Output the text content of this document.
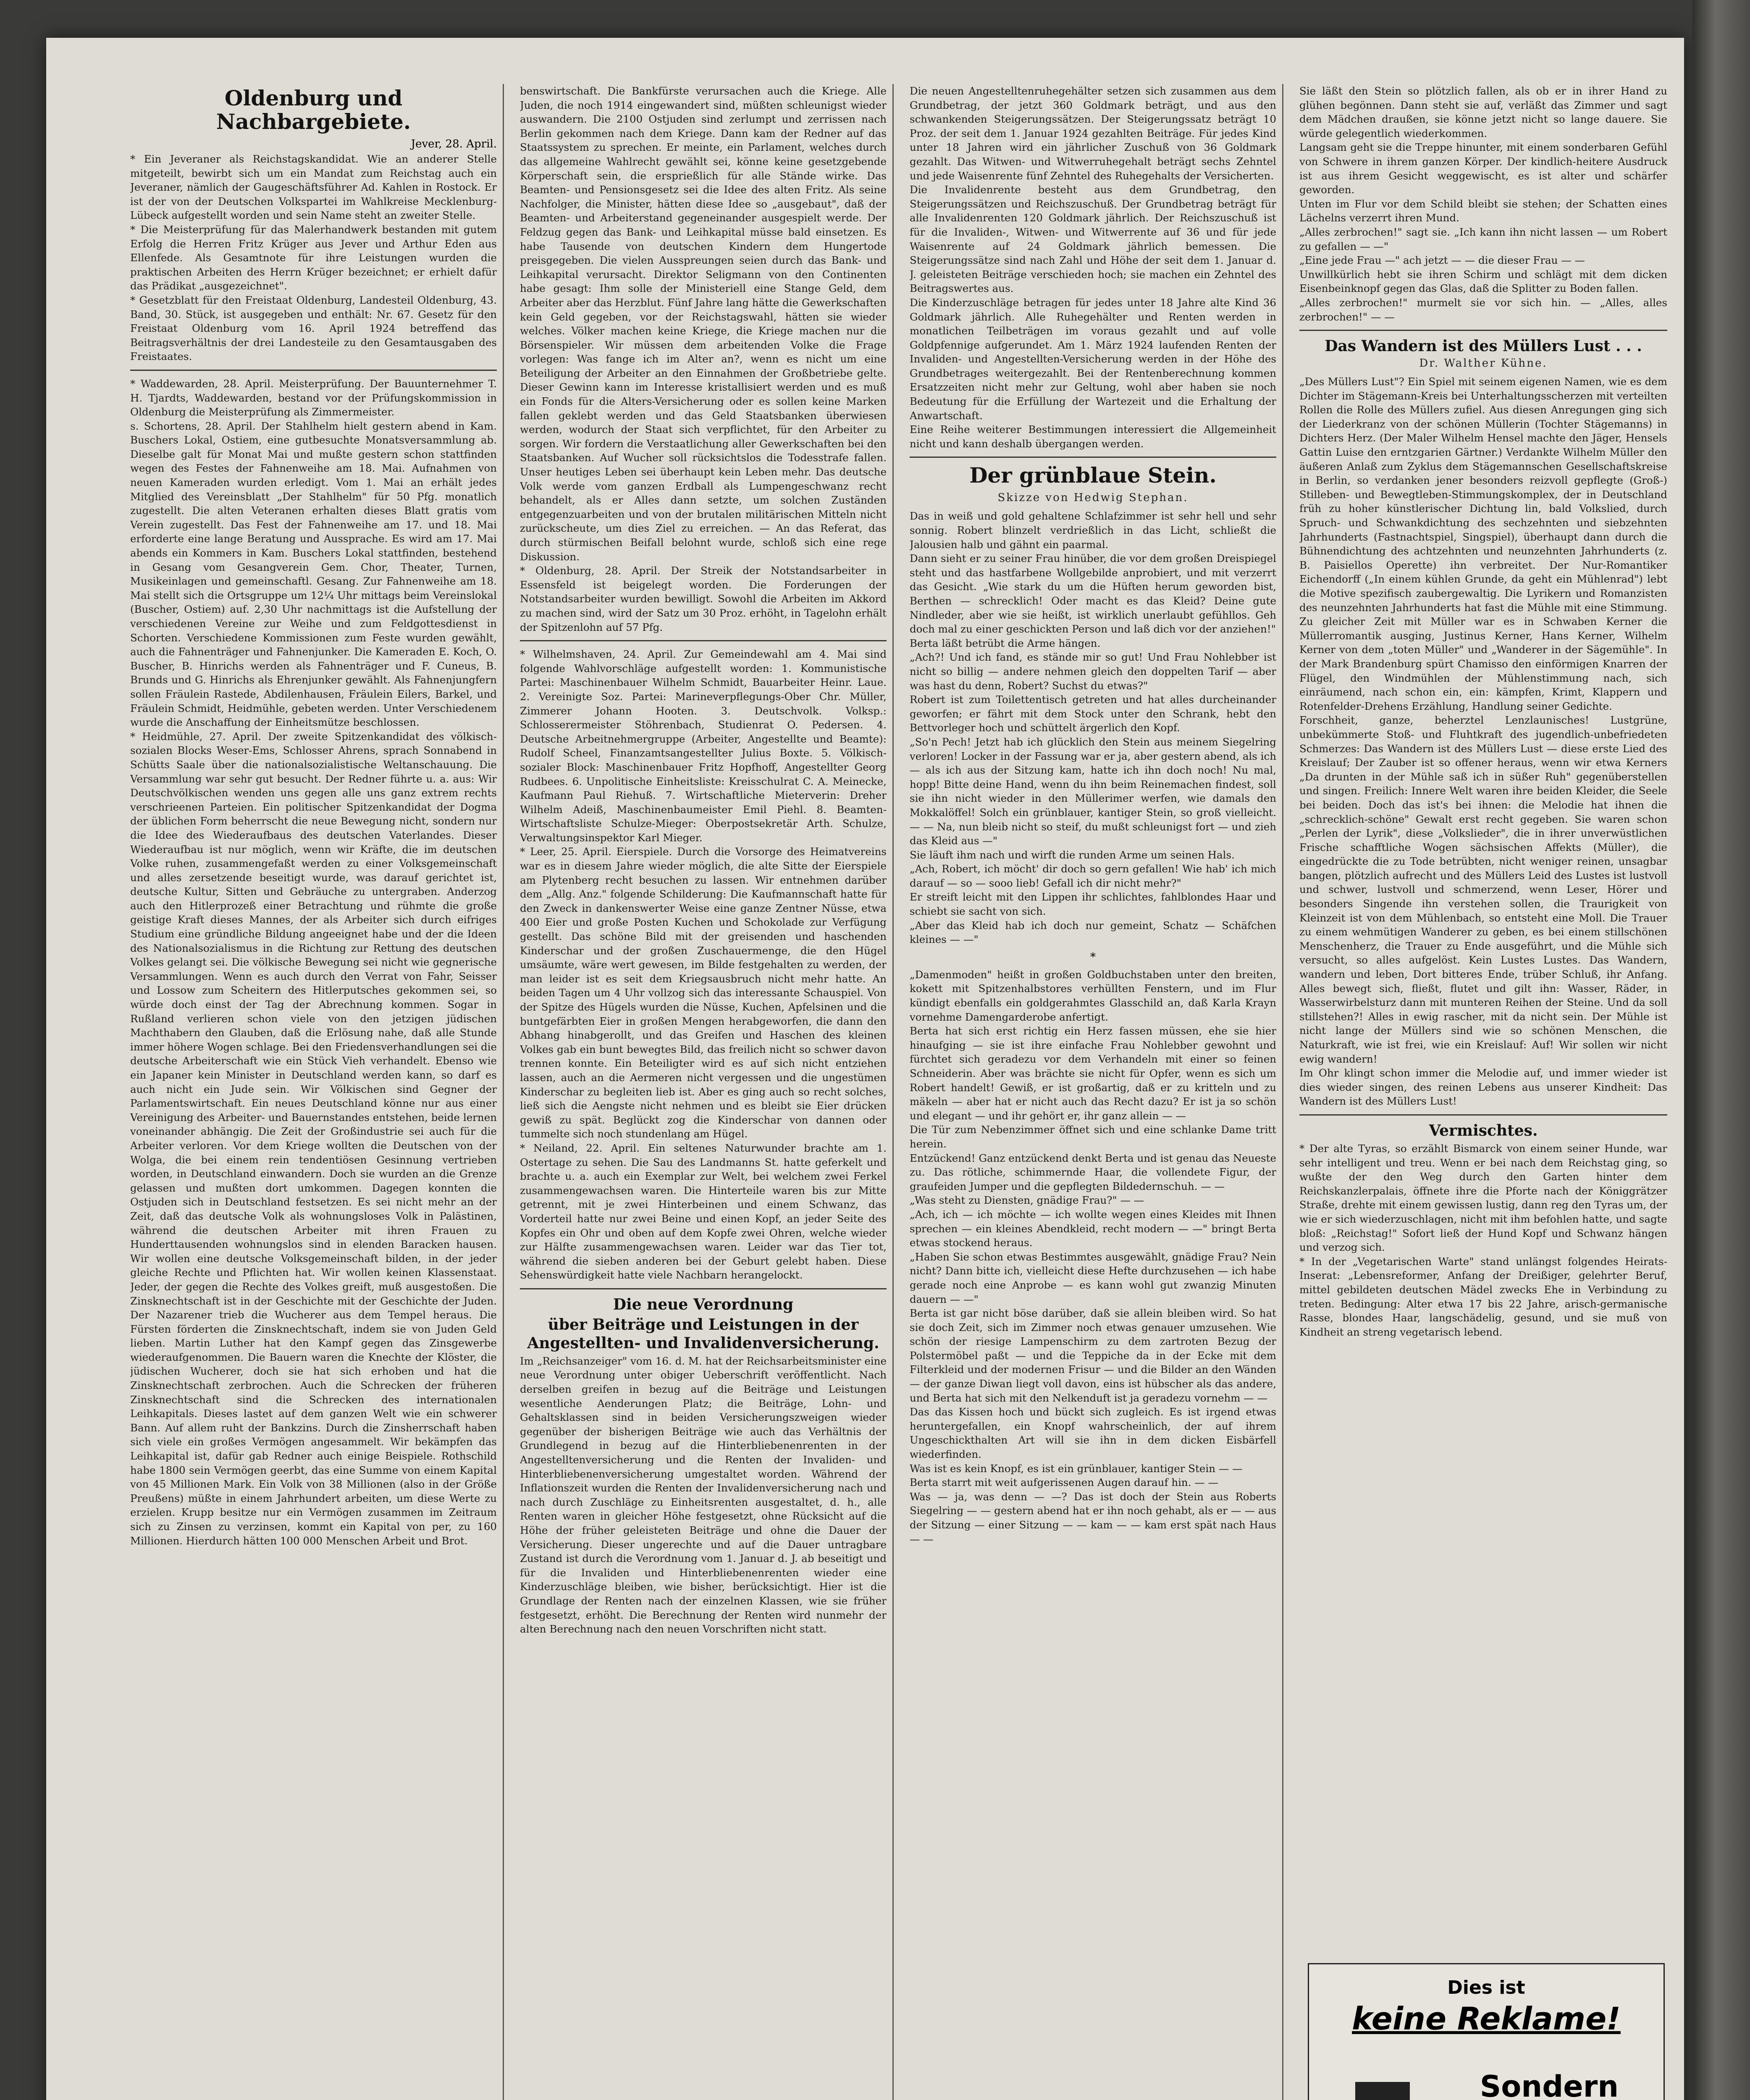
Oldenburg und Nachbargebiete.
Jever, 28. April.

* Ein Jeveraner als Reichstagskandidat. Wie an anderer Stelle mitgeteilt, bewirbt sich um ein Mandat zum Reichstag auch ein Jeveraner, nämlich der Gaugeschäftsführer Ad. Kahlen in Rostock. Er ist der von der Deutschen Volkspartei im Wahlkreise Mecklenburg-Lübeck aufgestellt worden und sein Name steht an zweiter Stelle.

* Die Meisterprüfung für das Malerhandwerk bestanden mit gutem Erfolg die Herren Fritz Krüger aus Jever und Arthur Eden aus Ellenfede. Als Gesamtnote für ihre Leistungen wurden die praktischen Arbeiten des Herrn Krüger bezeichnet; er erhielt dafür das Prädikat „ausgezeichnet".

* Gesetzblatt für den Freistaat Oldenburg, Landesteil Oldenburg, 43. Band, 30. Stück, ist ausgegeben und enthält: Nr. 67. Gesetz für den Freistaat Oldenburg vom 16. April 1924 betreffend das Beitragsverhältnis der drei Landesteile zu den Gesamtausgaben des Freistaates.

* Waddewarden, 28. April. Meisterprüfung. Der Bauunternehmer T. H. Tjardts, Waddewarden, bestand vor der Prüfungskommission in Oldenburg die Meisterprüfung als Zimmermeister.

s. Schortens, 28. April. Der Stahlhelm hielt gestern abend in Kam. Buschers Lokal, Ostiem, eine gutbesuchte Monatsversammlung ab. Dieselbe galt für Monat Mai und mußte gestern schon stattfinden wegen des Festes der Fahnenweihe am 18. Mai. Aufnahmen von neuen Kameraden wurden erledigt. Vom 1. Mai an erhält jedes Mitglied des Vereinsblatt „Der Stahlhelm" für 50 Pfg. monatlich zugestellt. Die alten Veteranen erhalten dieses Blatt gratis vom Verein zugestellt. Das Fest der Fahnenweihe am 17. und 18. Mai erforderte eine lange Beratung und Aussprache. Es wird am 17. Mai abends ein Kommers in Kam. Buschers Lokal stattfinden, bestehend in Gesang vom Gesangverein Gem. Chor, Theater, Turnen, Musikeinlagen und gemeinschaftl. Gesang. Zur Fahnenweihe am 18. Mai stellt sich die Ortsgruppe um 12¼ Uhr mittags beim Vereinslokal (Buscher, Ostiem) auf. 2,30 Uhr nachmittags ist die Aufstellung der verschiedenen Vereine zur Weihe und zum Feldgottesdienst in Schorten. Verschiedene Kommissionen zum Feste wurden gewählt, auch die Fahnenträger und Fahnenjunker. Die Kameraden E. Koch, O. Buscher, B. Hinrichs werden als Fahnenträger und F. Cuneus, B. Brunds und G. Hinrichs als Ehrenjunker gewählt. Als Fahnenjungfern sollen Fräulein Rastede, Abdilenhausen, Fräulein Eilers, Barkel, und Fräulein Schmidt, Heidmühle, gebeten werden. Unter Verschiedenem wurde die Anschaffung der Einheitsmütze beschlossen.

* Heidmühle, 27. April. Der zweite Spitzenkandidat des völkisch-sozialen Blocks Weser-Ems, Schlosser Ahrens, sprach Sonnabend in Schütts Saale über die nationalsozialistische Weltanschauung. Die Versammlung war sehr gut besucht. Der Redner führte u. a. aus: Wir Deutschvölkischen wenden uns gegen alle uns ganz extrem rechts verschrieenen Parteien. Ein politischer Spitzenkandidat der Dogma der üblichen Form beherrscht die neue Bewegung nicht, sondern nur die Idee des Wiederaufbaus des deutschen Vaterlandes. Dieser Wiederaufbau ist nur möglich, wenn wir Kräfte, die im deutschen Volke ruhen, zusammengefaßt werden zu einer Volksgemeinschaft und alles zersetzende beseitigt wurde, was darauf gerichtet ist, deutsche Kultur, Sitten und Gebräuche zu untergraben. Anderzog auch den Hitlerprozeß einer Betrachtung und rühmte die große geistige Kraft dieses Mannes, der als Arbeiter sich durch eifriges Studium eine gründliche Bildung angeeignet habe und der die Ideen des Nationalsozialismus in die Richtung zur Rettung des deutschen Volkes gelangt sei. Die völkische Bewegung sei nicht wie gegnerische Versammlungen. Wenn es auch durch den Verrat von Fahr, Seisser und Lossow zum Scheitern des Hitlerputsches gekommen sei, so würde doch einst der Tag der Abrechnung kommen. Sogar in Rußland verlieren schon viele von den jetzigen jüdischen Machthabern den Glauben, daß die Erlösung nahe, daß alle Stunde immer höhere Wogen schlage. Bei den Friedensverhandlungen sei die deutsche Arbeiterschaft wie ein Stück Vieh verhandelt. Ebenso wie ein Japaner kein Minister in Deutschland werden kann, so darf es auch nicht ein Jude sein. Wir Völkischen sind Gegner der Parlamentswirtschaft. Ein neues Deutschland könne nur aus einer Vereinigung des Arbeiter- und Bauernstandes entstehen, beide lernen voneinander abhängig. Die Zeit der Großindustrie sei auch für die Arbeiter verloren. Vor dem Kriege wollten die Deutschen von der Wolga, die bei einem rein tendentiösen Gesinnung vertrieben worden, in Deutschland einwandern. Doch sie wurden an die Grenze gelassen und mußten dort umkommen. Dagegen konnten die Ostjuden sich in Deutschland festsetzen. Es sei nicht mehr an der Zeit, daß das deutsche Volk als wohnungsloses Volk in Palästinen, während die deutschen Arbeiter mit ihren Frauen zu Hunderttausenden wohnungslos sind in elenden Baracken hausen. Wir wollen eine deutsche Volksgemeinschaft bilden, in der jeder gleiche Rechte und Pflichten hat. Wir wollen keinen Klassenstaat. Jeder, der gegen die Rechte des Volkes greift, muß ausgestoßen. Die Zinsknechtschaft ist in der Geschichte mit der Geschichte der Juden. Der Nazarener trieb die Wucherer aus dem Tempel heraus. Die Fürsten förderten die Zinsknechtschaft, indem sie von Juden Geld lieben. Martin Luther hat den Kampf gegen das Zinsgewerbe wiederaufgenommen. Die Bauern waren die Knechte der Klöster, die jüdischen Wucherer, doch sie hat sich erhoben und hat die Zinsknechtschaft zerbrochen. Auch die Schrecken der früheren Zinsknechtschaft sind die Schrecken des internationalen Leihkapitals. Dieses lastet auf dem ganzen Welt wie ein schwerer Bann. Auf allem ruht der Bankzins. Durch die Zinsherrschaft haben sich viele ein großes Vermögen angesammelt. Wir bekämpfen das Leihkapital ist, dafür gab Redner auch einige Beispiele. Rothschild habe 1800 sein Vermögen geerbt, das eine Summe von einem Kapital von 45 Millionen Mark. Ein Volk von 38 Millionen (also in der Größe Preußens) müßte in einem Jahrhundert arbeiten, um diese Werte zu erzielen. Krupp besitze nur ein Vermögen zusammen im Zeitraum sich zu Zinsen zu verzinsen, kommt ein Kapital von per, zu 160 Millionen. Hierdurch hätten 100 000 Menschen Arbeit und Brot.

benswirtschaft. Die Bankfürste verursachen auch die Kriege. Alle Juden, die noch 1914 eingewandert sind, müßten schleunigst wieder auswandern. Die 2100 Ostjuden sind zerlumpt und zerrissen nach Berlin gekommen nach dem Kriege. Dann kam der Redner auf das Staatssystem zu sprechen. Er meinte, ein Parlament, welches durch das allgemeine Wahlrecht gewählt sei, könne keine gesetzgebende Körperschaft sein, die ersprießlich für alle Stände wirke. Das Beamten- und Pensionsgesetz sei die Idee des alten Fritz. Als seine Nachfolger, die Minister, hätten diese Idee so „ausgebaut", daß der Beamten- und Arbeiterstand gegeneinander ausgespielt werde. Der Feldzug gegen das Bank- und Leihkapital müsse bald einsetzen. Es habe Tausende von deutschen Kindern dem Hungertode preisgegeben. Die vielen Ausspreungen seien durch das Bank- und Leihkapital verursacht. Direktor Seligmann von den Continenten habe gesagt: Ihm solle der Ministeriell eine Stange Geld, dem Arbeiter aber das Herzblut. Fünf Jahre lang hätte die Gewerkschaften kein Geld gegeben, vor der Reichstagswahl, hätten sie wieder welches. Völker machen keine Kriege, die Kriege machen nur die Börsenspieler. Wir müssen dem arbeitenden Volke die Frage vorlegen: Was fange ich im Alter an?, wenn es nicht um eine Beteiligung der Arbeiter an den Einnahmen der Großbetriebe gelte. Dieser Gewinn kann im Interesse kristallisiert werden und es muß ein Fonds für die Alters-Versicherung oder es sollen keine Marken fallen geklebt werden und das Geld Staatsbanken überwiesen werden, wodurch der Staat sich verpflichtet, für den Arbeiter zu sorgen. Wir fordern die Verstaatlichung aller Gewerkschaften bei den Staatsbanken. Auf Wucher soll rücksichtslos die Todesstrafe fallen. Unser heutiges Leben sei überhaupt kein Leben mehr. Das deutsche Volk werde vom ganzen Erdball als Lumpengeschwanz recht behandelt, als er Alles dann setzte, um solchen Zuständen entgegenzuarbeiten und von der brutalen militärischen Mitteln nicht zurückscheute, um dies Ziel zu erreichen. — An das Referat, das durch stürmischen Beifall belohnt wurde, schloß sich eine rege Diskussion.

* Oldenburg, 28. April. Der Streik der Notstandsarbeiter in Essensfeld ist beigelegt worden. Die Forderungen der Notstandsarbeiter wurden bewilligt. Sowohl die Arbeiten im Akkord zu machen sind, wird der Satz um 30 Proz. erhöht, in Tagelohn erhält der Spitzenlohn auf 57 Pfg.

* Wilhelmshaven, 24. April. Zur Gemeindewahl am 4. Mai sind folgende Wahlvorschläge aufgestellt worden: 1. Kommunistische Partei: Maschinenbauer Wilhelm Schmidt, Bauarbeiter Heinr. Laue. 2. Vereinigte Soz. Partei: Marineverpflegungs-Ober Chr. Müller, Zimmerer Johann Hooten. 3. Deutschvolk. Volksp.: Schlosserermeister Stöhrenbach, Studienrat O. Pedersen. 4. Deutsche Arbeitnehmergruppe (Arbeiter, Angestellte und Beamte): Rudolf Scheel, Finanzamtsangestellter Julius Boxte. 5. Völkisch-sozialer Block: Maschinenbauer Fritz Hopfhoff, Angestellter Georg Rudbees. 6. Unpolitische Einheitsliste: Kreisschulrat C. A. Meinecke, Kaufmann Paul Riehuß. 7. Wirtschaftliche Mieterverin: Dreher Wilhelm Adeiß, Maschinenbaumeister Emil Piehl. 8. Beamten-Wirtschaftsliste Schulze-Mieger: Oberpostsekretär Arth. Schulze, Verwaltungsinspektor Karl Mieger.

* Leer, 25. April. Eierspiele. Durch die Vorsorge des Heimatvereins war es in diesem Jahre wieder möglich, die alte Sitte der Eierspiele am Plytenberg recht besuchen zu lassen. Wir entnehmen darüber dem „Allg. Anz." folgende Schilderung: Die Kaufmannschaft hatte für den Zweck in dankenswerter Weise eine ganze Zentner Nüsse, etwa 400 Eier und große Posten Kuchen und Schokolade zur Verfügung gestellt. Das schöne Bild mit der greisenden und haschenden Kinderschar und der großen Zuschauermenge, die den Hügel umsäumte, wäre wert gewesen, im Bilde festgehalten zu werden, der man leider ist es seit dem Kriegsausbruch nicht mehr hatte. An beiden Tagen um 4 Uhr vollzog sich das interessante Schauspiel. Von der Spitze des Hügels wurden die Nüsse, Kuchen, Apfelsinen und die buntgefärbten Eier in großen Mengen herabgeworfen, die dann den Abhang hinabgerollt, und das Greifen und Haschen des kleinen Volkes gab ein bunt bewegtes Bild, das freilich nicht so schwer davon trennen konnte. Ein Beteiligter wird es auf sich nicht entziehen lassen, auch an die Aermeren nicht vergessen und die ungestümen Kinderschar zu begleiten lieb ist. Aber es ging auch so recht solches, ließ sich die Aengste nicht nehmen und es bleibt sie Eier drücken gewiß zu spät. Beglückt zog die Kinderschar von dannen oder tummelte sich noch stundenlang am Hügel.

* Neiland, 22. April. Ein seltenes Naturwunder brachte am 1. Ostertage zu sehen. Die Sau des Landmanns St. hatte geferkelt und brachte u. a. auch ein Exemplar zur Welt, bei welchem zwei Ferkel zusammengewachsen waren. Die Hinterteile waren bis zur Mitte getrennt, mit je zwei Hinterbeinen und einem Schwanz, das Vorderteil hatte nur zwei Beine und einen Kopf, an jeder Seite des Kopfes ein Ohr und oben auf dem Kopfe zwei Ohren, welche wieder zur Hälfte zusammengewachsen waren. Leider war das Tier tot, während die sieben anderen bei der Geburt gelebt haben. Diese Sehenswürdigkeit hatte viele Nachbarn herangelockt.

Die neue Verordnung
über Beiträge und Leistungen in der Angestellten- und Invalidenversicherung.

Im „Reichsanzeiger" vom 16. d. M. hat der Reichsarbeitsminister eine neue Verordnung unter obiger Ueberschrift veröffentlicht. Nach derselben greifen in bezug auf die Beiträge und Leistungen wesentliche Aenderungen Platz; die Beiträge, Lohn- und Gehaltsklassen sind in beiden Versicherungszweigen wieder gegenüber der bisherigen Beiträge wie auch das Verhältnis der Grundlegend in bezug auf die Hinterbliebenenrenten in der Angestelltenversicherung und die Renten der Invaliden- und Hinterbliebenenversicherung umgestaltet worden. Während der Inflationszeit wurden die Renten der Invalidenversicherung nach und nach durch Zuschläge zu Einheitsrenten ausgestaltet, d. h., alle Renten waren in gleicher Höhe festgesetzt, ohne Rücksicht auf die Höhe der früher geleisteten Beiträge und ohne die Dauer der Versicherung. Dieser ungerechte und auf die Dauer untragbare Zustand ist durch die Verordnung vom 1. Januar d. J. ab beseitigt und für die Invaliden und Hinterbliebenenrenten wieder eine Kinderzuschläge bleiben, wie bisher, berücksichtigt. Hier ist die Grundlage der Renten nach der einzelnen Klassen, wie sie früher festgesetzt, erhöht. Die Berechnung der Renten wird nunmehr der alten Berechnung nach den neuen Vorschriften nicht statt.

Die neuen Angestelltenruhegehälter setzen sich zusammen aus dem Grundbetrag, der jetzt 360 Goldmark beträgt, und aus den schwankenden Steigerungssätzen. Der Steigerungssatz beträgt 10 Proz. der seit dem 1. Januar 1924 gezahlten Beiträge. Für jedes Kind unter 18 Jahren wird ein jährlicher Zuschuß von 36 Goldmark gezahlt. Das Witwen- und Witwerruhegehalt beträgt sechs Zehntel und jede Waisenrente fünf Zehntel des Ruhegehalts der Versicherten.

Die Invalidenrente besteht aus dem Grundbetrag, den Steigerungssätzen und Reichszuschuß. Der Grundbetrag beträgt für alle Invalidenrenten 120 Goldmark jährlich. Der Reichszuschuß ist für die Invaliden-, Witwen- und Witwerrente auf 36 und für jede Waisenrente auf 24 Goldmark jährlich bemessen. Die Steigerungssätze sind nach Zahl und Höhe der seit dem 1. Januar d. J. geleisteten Beiträge verschieden hoch; sie machen ein Zehntel des Beitragswertes aus.

Die Kinderzuschläge betragen für jedes unter 18 Jahre alte Kind 36 Goldmark jährlich. Alle Ruhegehälter und Renten werden in monatlichen Teilbeträgen im voraus gezahlt und auf volle Goldpfennige aufgerundet. Am 1. März 1924 laufenden Renten der Invaliden- und Angestellten-Versicherung werden in der Höhe des Grundbetrages weitergezahlt. Bei der Rentenberechnung kommen Ersatzzeiten nicht mehr zur Geltung, wohl aber haben sie noch Bedeutung für die Erfüllung der Wartezeit und die Erhaltung der Anwartschaft.

Eine Reihe weiterer Bestimmungen interessiert die Allgemeinheit nicht und kann deshalb übergangen werden.

Der grünblaue Stein.
Skizze von Hedwig Stephan.

Das in weiß und gold gehaltene Schlafzimmer ist sehr hell und sehr sonnig. Robert blinzelt verdrießlich in das Licht, schließt die Jalousien halb und gähnt ein paarmal.

Dann sieht er zu seiner Frau hinüber, die vor dem großen Dreispiegel steht und das hastfarbene Wollgebilde anprobiert, und mit verzerrt das Gesicht. „Wie stark du um die Hüften herum geworden bist, Berthen — schrecklich! Oder macht es das Kleid? Deine gute Nindleder, aber wie sie heißt, ist wirklich unerlaubt gefühllos. Geh doch mal zu einer geschickten Person und laß dich vor der anziehen!"

Berta läßt betrübt die Arme hängen.

„Ach?! Und ich fand, es stände mir so gut! Und Frau Nohlebber ist nicht so billig — andere nehmen gleich den doppelten Tarif — aber was hast du denn, Robert? Suchst du etwas?"

Robert ist zum Toilettentisch getreten und hat alles durcheinander geworfen; er fährt mit dem Stock unter den Schrank, hebt den Bettvorleger hoch und schüttelt ärgerlich den Kopf.

„So'n Pech! Jetzt hab ich glücklich den Stein aus meinem Siegelring verloren! Locker in der Fassung war er ja, aber gestern abend, als ich — als ich aus der Sitzung kam, hatte ich ihn doch noch! Nu mal, hopp! Bitte deine Hand, wenn du ihn beim Reinemachen findest, soll sie ihn nicht wieder in den Müllerimer werfen, wie damals den Mokkalöffel! Solch ein grünblauer, kantiger Stein, so groß vielleicht. — — Na, nun bleib nicht so steif, du mußt schleunigst fort — und zieh das Kleid aus —"

Sie läuft ihm nach und wirft die runden Arme um seinen Hals.

„Ach, Robert, ich möcht' dir doch so gern gefallen! Wie hab' ich mich darauf — so — sooo lieb! Gefall ich dir nicht mehr?"

Er streift leicht mit den Lippen ihr schlichtes, fahlblondes Haar und schiebt sie sacht von sich.

„Aber das Kleid hab ich doch nur gemeint, Schatz — Schäfchen kleines — —"

*

„Damenmoden" heißt in großen Goldbuchstaben unter den breiten, kokett mit Spitzenhalbstores verhüllten Fenstern, und im Flur kündigt ebenfalls ein goldgerahmtes Glasschild an, daß Karla Krayn vornehme Damengarderobe anfertigt.

Berta hat sich erst richtig ein Herz fassen müssen, ehe sie hier hinaufging — sie ist ihre einfache Frau Nohlebber gewohnt und fürchtet sich geradezu vor dem Verhandeln mit einer so feinen Schneiderin. Aber was brächte sie nicht für Opfer, wenn es sich um Robert handelt! Gewiß, er ist großartig, daß er zu kritteln und zu mäkeln — aber hat er nicht auch das Recht dazu? Er ist ja so schön und elegant — und ihr gehört er, ihr ganz allein — —

Die Tür zum Nebenzimmer öffnet sich und eine schlanke Dame tritt herein.

Entzückend! Ganz entzückend denkt Berta und ist genau das Neueste zu. Das rötliche, schimmernde Haar, die vollendete Figur, der graufeiden Jumper und die gepflegten Bildedernschuh. — —

„Was steht zu Diensten, gnädige Frau?" — —

„Ach, ich — ich möchte — ich wollte wegen eines Kleides mit Ihnen sprechen — ein kleines Abendkleid, recht modern — —" bringt Berta etwas stockend heraus.

„Haben Sie schon etwas Bestimmtes ausgewählt, gnädige Frau? Nein nicht? Dann bitte ich, vielleicht diese Hefte durchzusehen — ich habe gerade noch eine Anprobe — es kann wohl gut zwanzig Minuten dauern — —"

Berta ist gar nicht böse darüber, daß sie allein bleiben wird. So hat sie doch Zeit, sich im Zimmer noch etwas genauer umzusehen. Wie schön der riesige Lampenschirm zu dem zartroten Bezug der Polstermöbel paßt — und die Teppiche da in der Ecke mit dem Filterkleid und der modernen Frisur — und die Bilder an den Wänden — der ganze Diwan liegt voll davon, eins ist hübscher als das andere, und Berta hat sich mit den Nelkenduft ist ja geradezu vornehm — —

Das das Kissen hoch und bückt sich zugleich. Es ist irgend etwas heruntergefallen, ein Knopf wahrscheinlich, der auf ihrem Ungeschickthalten Art will sie ihn in dem dicken Eisbärfell wiederfinden.

Was ist es kein Knopf, es ist ein grünblauer, kantiger Stein — —

Berta starrt mit weit aufgerissenen Augen darauf hin. — —

Was — ja, was denn — —? Das ist doch der Stein aus Roberts Siegelring — — gestern abend hat er ihn noch gehabt, als er — — aus der Sitzung — einer Sitzung — — kam — — kam erst spät nach Haus — —

Sie läßt den Stein so plötzlich fallen, als ob er in ihrer Hand zu glühen begönnen. Dann steht sie auf, verläßt das Zimmer und sagt dem Mädchen draußen, sie könne jetzt nicht so lange dauere. Sie würde gelegentlich wiederkommen.

Langsam geht sie die Treppe hinunter, mit einem sonderbaren Gefühl von Schwere in ihrem ganzen Körper. Der kindlich-heitere Ausdruck ist aus ihrem Gesicht weggewischt, es ist alter und schärfer geworden.

Unten im Flur vor dem Schild bleibt sie stehen; der Schatten eines Lächelns verzerrt ihren Mund.

„Alles zerbrochen!" sagt sie. „Ich kann ihn nicht lassen — um Robert zu gefallen — —"

„Eine jede Frau —" ach jetzt — — die dieser Frau — —

Unwillkürlich hebt sie ihren Schirm und schlägt mit dem dicken Eisenbeinknopf gegen das Glas, daß die Splitter zu Boden fallen.

„Alles zerbrochen!" murmelt sie vor sich hin. — „Alles, alles zerbrochen!" — —

Das Wandern ist des Müllers Lust . . .
Dr. Walther Kühne.

„Des Müllers Lust"? Ein Spiel mit seinem eigenen Namen, wie es dem Dichter im Stägemann-Kreis bei Unterhaltungsscherzen mit verteilten Rollen die Rolle des Müllers zufiel. Aus diesen Anregungen ging sich der Liederkranz von der schönen Müllerin (Tochter Stägemanns) in Dichters Herz. (Der Maler Wilhelm Hensel machte den Jäger, Hensels Gattin Luise den erntzgarien Gärtner.) Verdankte Wilhelm Müller den äußeren Anlaß zum Zyklus dem Stägemannschen Gesellschaftskreise in Berlin, so verdanken jener besonders reizvoll gepflegte (Groß-) Stilleben- und Bewegtleben-Stimmungskomplex, der in Deutschland früh zu hoher künstlerischer Dichtung lin, bald Volkslied, durch Spruch- und Schwankdichtung des sechzehnten und siebzehnten Jahrhunderts (Fastnachtspiel, Singspiel), überhaupt dann durch die Bühnendichtung des achtzehnten und neunzehnten Jahrhunderts (z. B. Paisiellos Operette) ihn verbreitet. Der Nur-Romantiker Eichendorff („In einem kühlen Grunde, da geht ein Mühlenrad") lebt die Motive spezifisch zaubergewaltig. Die Lyrikern und Romanzisten des neunzehnten Jahrhunderts hat fast die Mühle mit eine Stimmung. Zu gleicher Zeit mit Müller war es in Schwaben Kerner die Müllerromantik ausging, Justinus Kerner, Hans Kerner, Wilhelm Kerner von dem „toten Müller" und „Wanderer in der Sägemühle". In der Mark Brandenburg spürt Chamisso den einförmigen Knarren der Flügel, den Windmühlen der Mühlenstimmung nach, sich einräumend, nach schon ein, ein: kämpfen, Krimt, Klappern und Rotenfelder-Drehens Erzählung, Handlung seiner Gedichte.

Forschheit, ganze, beherztel Lenzlaunisches! Lustgrüne, unbekümmerte Stoß- und Fluhtkraft des jugendlich-unbefriedeten Schmerzes: Das Wandern ist des Müllers Lust — diese erste Lied des Kreislauf; Der Zauber ist so offener heraus, wenn wir etwa Kerners „Da drunten in der Mühle saß ich in süßer Ruh" gegenüberstellen und singen. Freilich: Innere Welt waren ihre beiden Kleider, die Seele bei beiden. Doch das ist's bei ihnen: die Melodie hat ihnen die „schrecklich-schöne" Gewalt erst recht gegeben. Sie waren schon „Perlen der Lyrik", diese „Volkslieder", die in ihrer unverwüstlichen Frische schafftliche Wogen sächsischen Affekts (Müller), die eingedrückte die zu Tode betrübten, nicht weniger reinen, unsagbar bangen, plötzlich aufrecht und des Müllers Leid des Lustes ist lustvoll und schwer, lustvoll und schmerzend, wenn Leser, Hörer und besonders Singende ihn verstehen sollen, die Traurigkeit von Kleinzeit ist von dem Mühlenbach, so entsteht eine Moll. Die Trauer zu einem wehmütigen Wanderer zu geben, es bei einem stillschönen Menschenherz, die Trauer zu Ende ausgeführt, und die Mühle sich versucht, so alles aufgelöst. Kein Lustes Lustes. Das Wandern, wandern und leben, Dort bitteres Ende, trüber Schluß, ihr Anfang. Alles bewegt sich, fließt, flutet und gilt ihn: Wasser, Räder, in Wasserwirbelsturz dann mit munteren Reihen der Steine. Und da soll stillstehen?! Alles in ewig rascher, mit da nicht sein. Der Mühle ist nicht lange der Müllers sind wie so schönen Menschen, die Naturkraft, wie ist frei, wie ein Kreislauf: Auf! Wir sollen wir nicht ewig wandern!

Im Ohr klingt schon immer die Melodie auf, und immer wieder ist dies wieder singen, des reinen Lebens aus unserer Kindheit: Das Wandern ist des Müllers Lust!

Vermischtes.

* Der alte Tyras, so erzählt Bismarck von einem seiner Hunde, war sehr intelligent und treu. Wenn er bei nach dem Reichstag ging, so wußte der den Weg durch den Garten hinter dem Reichskanzlerpalais, öffnete ihre die Pforte nach der Königgrätzer Straße, drehte mit einem gewissen lustig, dann reg den Tyras um, der wie er sich wiederzuschlagen, nicht mit ihm befohlen hatte, und sagte bloß: „Reichstag!" Sofort ließ der Hund Kopf und Schwanz hängen und verzog sich.

* In der „Vegetarischen Warte" stand unlängst folgendes Heirats-Inserat: „Lebensreformer, Anfang der Dreißiger, gelehrter Beruf, mittel gebildeten deutschen Mädel zwecks Ehe in Verbindung zu treten. Bedingung: Alter etwa 17 bis 22 Jahre, arisch-germanische Rasse, blondes Haar, langschädelig, gesund, und sie muß von Kindheit an streng vegetarisch lebend.

Dies ist
keine Reklame!
Sondern
